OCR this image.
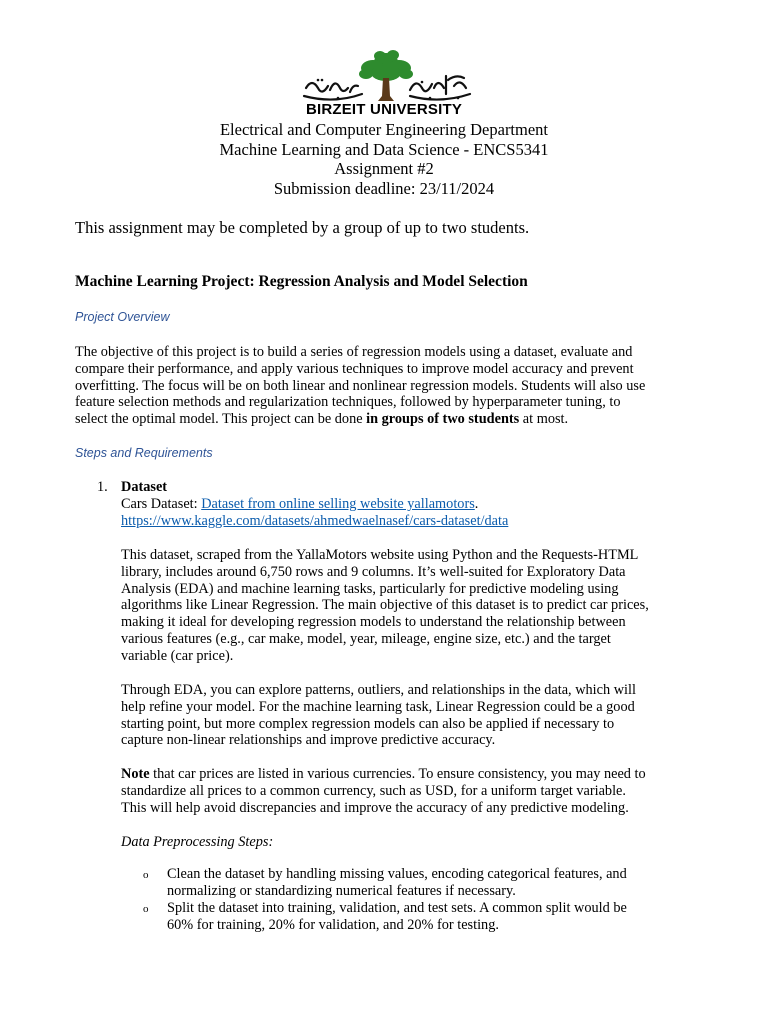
BIRZEIT UNIVERSITY
Electrical and Computer Engineering Department
Machine Learning and Data Science - ENCS5341
Assignment #2
Submission deadline: 23/11/2024
This assignment may be completed by a group of up to two students.
Machine Learning Project: Regression Analysis and Model Selection
Project Overview
The objective of this project is to build a series of regression models using a dataset, evaluate and
compare their performance, and apply various techniques to improve model accuracy and prevent
overfitting. The focus will be on both linear and nonlinear regression models. Students will also use
feature selection methods and regularization techniques, followed by hyperparameter tuning, to
select the optimal model. This project can be done in groups of two students at most.
Steps and Requirements
1. Dataset
Cars Dataset: Dataset from online selling website yallamotors.
https://www.kaggle.com/datasets/ahmedwaelnasef/cars-dataset/data
This dataset, scraped from the YallaMotors website using Python and the Requests-HTML
library, includes around 6,750 rows and 9 columns. It’s well-suited for Exploratory Data
Analysis (EDA) and machine learning tasks, particularly for predictive modeling using
algorithms like Linear Regression. The main objective of this dataset is to predict car prices,
making it ideal for developing regression models to understand the relationship between
various features (e.g., car make, model, year, mileage, engine size, etc.) and the target
variable (car price).
Through EDA, you can explore patterns, outliers, and relationships in the data, which will
help refine your model. For the machine learning task, Linear Regression could be a good
starting point, but more complex regression models can also be applied if necessary to
capture non-linear relationships and improve predictive accuracy.
Note that car prices are listed in various currencies. To ensure consistency, you may need to
standardize all prices to a common currency, such as USD, for a uniform target variable.
This will help avoid discrepancies and improve the accuracy of any predictive modeling.
Data Preprocessing Steps:
o Clean the dataset by handling missing values, encoding categorical features, and
normalizing or standardizing numerical features if necessary.
o Split the dataset into training, validation, and test sets. A common split would be
60% for training, 20% for validation, and 20% for testing.
